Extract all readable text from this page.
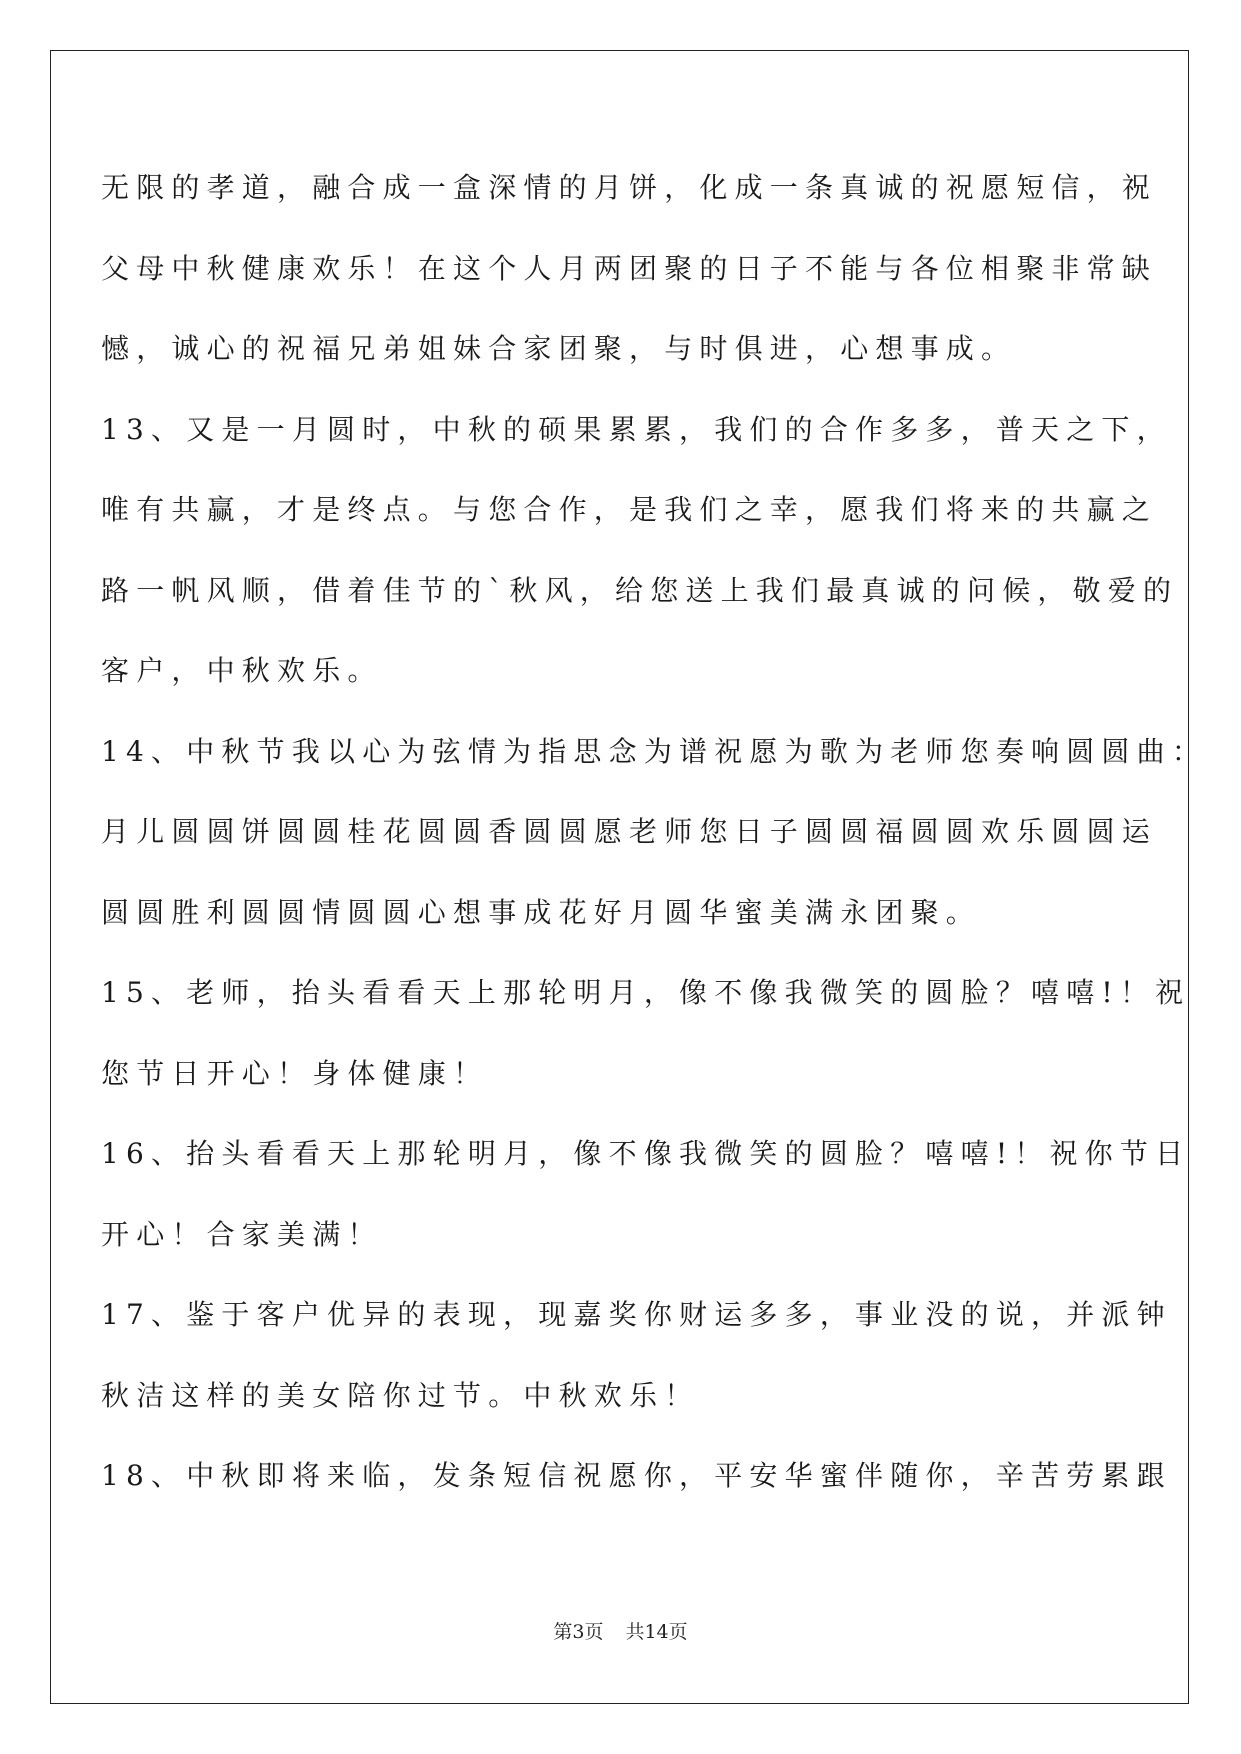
无限的孝道，融合成一盒深情的月饼，化成一条真诚的祝愿短信，祝
父母中秋健康欢乐！在这个人月两团聚的日子不能与各位相聚非常缺
憾，诚心的祝福兄弟姐妹合家团聚，与时俱进，心想事成。
13、又是一月圆时，中秋的硕果累累，我们的合作多多，普天之下，
唯有共赢，才是终点。与您合作，是我们之幸，愿我们将来的共赢之
路一帆风顺，借着佳节的`秋风，给您送上我们最真诚的问候，敬爱的
客户，中秋欢乐。
14、中秋节我以心为弦情为指思念为谱祝愿为歌为老师您奏响圆圆曲：
月儿圆圆饼圆圆桂花圆圆香圆圆愿老师您日子圆圆福圆圆欢乐圆圆运
圆圆胜利圆圆情圆圆心想事成花好月圆华蜜美满永团聚。
15、老师，抬头看看天上那轮明月，像不像我微笑的圆脸？嘻嘻!！祝
您节日开心！身体健康！
16、抬头看看天上那轮明月，像不像我微笑的圆脸？嘻嘻!！祝你节日
开心！合家美满！
17、鉴于客户优异的表现，现嘉奖你财运多多，事业没的说，并派钟
秋洁这样的美女陪你过节。中秋欢乐！
18、中秋即将来临，发条短信祝愿你，平安华蜜伴随你，辛苦劳累跟
第3页 共14页
